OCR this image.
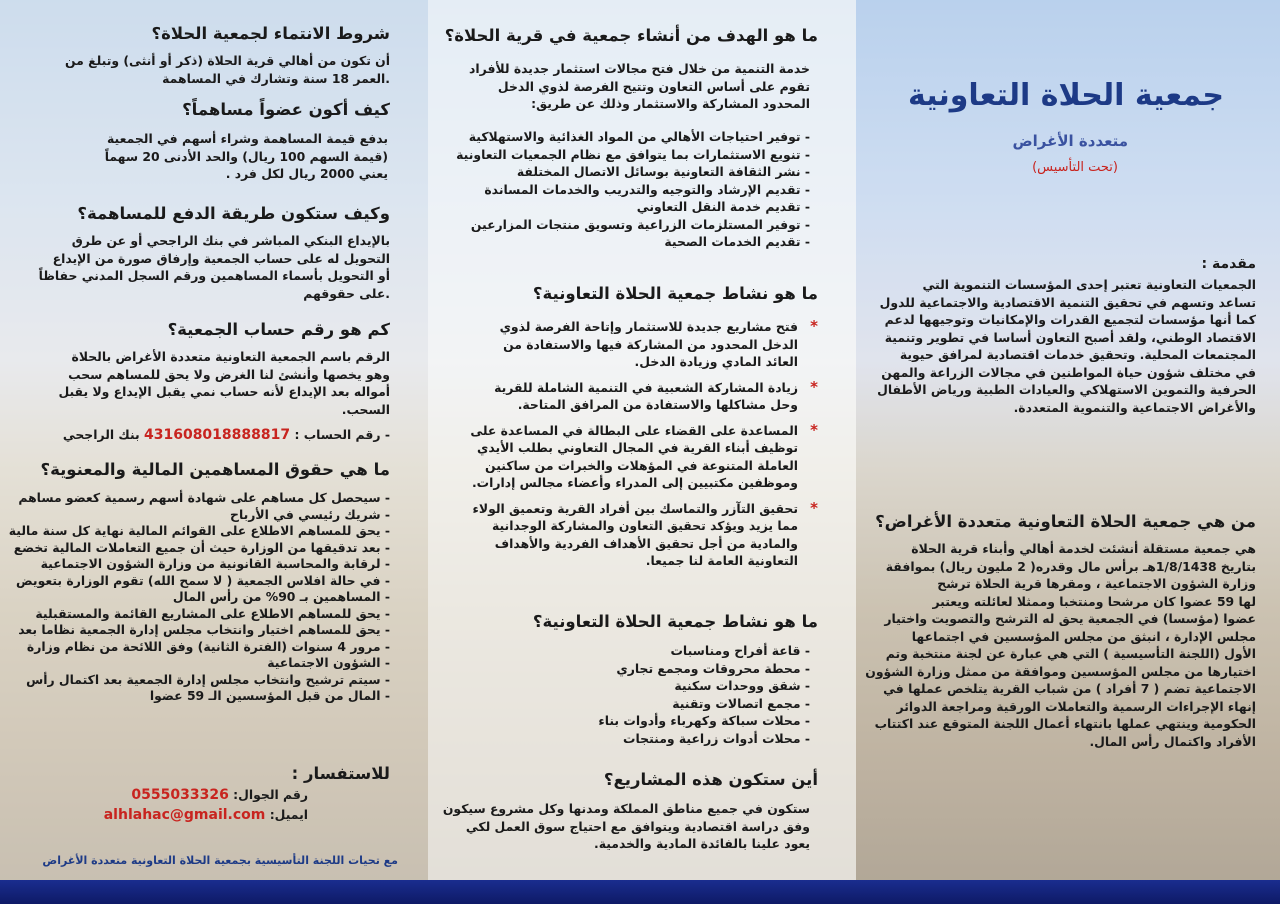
جمعية الحلاة التعاونية
متعددة الأغراض
(تحت التأسيس)
مقدمة :

الجمعيات التعاونية تعتبر إحدى المؤسسات التنموية التي

تساعد وتسهم في تحقيق التنمية الاقتصادية والاجتماعية للدول

كما أنها مؤسسات لتجميع القدرات والإمكانيات وتوجيهها لدعم

الاقتصاد الوطني، ولقد أصبح التعاون أساسا في تطوير وتنمية

المجتمعات المحلية. وتحقيق خدمات اقتصادية لمرافق حيوية

في مختلف شؤون حياة المواطنين في مجالات الزراعة والمهن

الحرفية والتموين الاستهلاكي والعيادات الطبية ورياض الأطفال

والأغراض الاجتماعية والتنموية المتعددة.

من هي جمعية الحلاة التعاونية متعددة الأغراض؟

هي جمعية مستقلة أنشئت لخدمة أهالي وأبناء قرية الحلاة

بتاريخ 1/8/1438هـ برأس مال وقدره( 2 مليون ريال) بموافقة

وزارة الشؤون الاجتماعية ، ومقرها قرية الحلاة ترشح

لها 59 عضوا كان مرشحا ومنتخبا وممثلا لعائلته ويعتبر

عضوا (مؤسسا) في الجمعية يحق له الترشح والتصويت واختيار

مجلس الإدارة ، انبثق من مجلس المؤسسين في اجتماعها

الأول (اللجنة التأسيسية ) التي هي عبارة عن لجنة منتخبة وتم

اختيارها من مجلس المؤسسين وموافقة من ممثل وزارة الشؤون

الاجتماعية تضم ( 7 أفراد ) من شباب القرية يتلخص عملها في

إنهاء الإجراءات الرسمية والتعاملات الورقية ومراجعة الدوائر

الحكومية وينتهي عملها بانتهاء أعمال اللجنة المتوقع عند اكتتاب

الأفراد واكتمال رأس المال.

ما هو الهدف من أنشاء جمعية في قرية الحلاة؟

خدمة التنمية من خلال فتح مجالات استثمار جديدة للأفراد

تقوم على أساس التعاون وتتيح الفرصة لذوي الدخل

المحدود المشاركة والاستثمار وذلك عن طريق:

- توفير احتياجات الأهالي من المواد الغذائية والاستهلاكية
- تنويع الاستثمارات بما يتوافق مع نظام الجمعيات التعاونية
- نشر الثقافة التعاونية بوسائل الاتصال المختلفة
- تقديم الإرشاد والتوجيه والتدريب والخدمات المساندة
- تقديم خدمة النقل التعاوني
- توفير المستلزمات الزراعية وتسويق منتجات المزارعين
- تقديم الخدمات الصحية
ما هو نشاط جمعية الحلاة التعاونية؟
* فتح مشاريع جديدة للاستثمار وإتاحة الفرصة لذوي الدخل المحدود من المشاركة فيها والاستفادة من العائد المادي وزيادة الدخل.
* زيادة المشاركة الشعبية في التنمية الشاملة للقرية وحل مشاكلها والاستفادة من المرافق المتاحة.
* المساعدة على القضاء على البطالة في المساعدة على توظيف أبناء القرية في المجال التعاوني بطلب الأيدي العاملة المتنوعة في المؤهلات والخبرات من ساكنين وموظفين مكتبيين إلى المدراء وأعضاء مجالس إدارات.
* تحقيق التآزر والتماسك بين أفراد القرية وتعميق الولاء مما يزيد ويؤكد تحقيق التعاون والمشاركة الوجدانية والمادية من أجل تحقيق الأهداف الفردية والأهداف التعاونية العامة لنا جميعا.
ما هو نشاط جمعية الحلاة التعاونية؟
- قاعة أفراح ومناسبات
- محطة محروقات ومجمع تجاري
- شقق ووحدات سكنية
- مجمع اتصالات وتقنية
- محلات سباكة وكهرباء وأدوات بناء
- محلات أدوات زراعية ومنتجات
أين ستكون هذه المشاريع؟

ستكون في جميع مناطق المملكة ومدنها وكل مشروع سيكون

وفق دراسة اقتصادية ويتوافق مع احتياج سوق العمل لكي

يعود علينا بالفائدة المادية والخدمية.

شروط الانتماء لجمعية الحلاة؟

أن تكون من أهالي قرية الحلاة (ذكر أو أنثى) وتبلغ من

.العمر 18 سنة وتشارك في المساهمة

كيف أكون عضواً مساهماً؟

بدفع قيمة المساهمة وشراء أسهم في الجمعية

(قيمة السهم 100 ريال) والحد الأدنى 20 سهماً

يعني 2000 ريال لكل فرد .

وكيف ستكون طريقة الدفع للمساهمة؟

بالإيداع البنكي المباشر في بنك الراجحي أو عن طرق

التحويل له على حساب الجمعية وإرفاق صورة من الإيداع

أو التحويل بأسماء المساهمين ورقم السجل المدني حفاظاً

.على حقوقهم

كم هو رقم حساب الجمعية؟

الرقم باسم الجمعية التعاونية متعددة الأغراض بالحلاة

وهو يخصها وأنشئ لنا الغرض ولا يحق للمساهم سحب

أمواله بعد الإيداع لأنه حساب نمي يقبل الإيداع ولا يقبل

السحب.

- رقم الحساب : 431608018888817 بنك الراجحي
ما هي حقوق المساهمين المالية والمعنوية؟
- سيحصل كل مساهم على شهادة أسهم رسمية كعضو مساهم
- شريك رئيسي في الأرباح
- يحق للمساهم الاطلاع على القوائم المالية نهاية كل سنة مالية
- بعد تدقيقها من الوزارة حيث أن جميع التعاملات المالية تخضع
- لرقابة والمحاسبة القانونية من وزارة الشؤون الاجتماعية
- في حالة افلاس الجمعية ( لا سمح الله) تقوم الوزارة بتعويض
- المساهمين بـ 90% من رأس المال
- يحق للمساهم الاطلاع على المشاريع القائمة والمستقبلية
- يحق للمساهم اختيار وانتخاب مجلس إدارة الجمعية نظاما بعد
- مرور 4 سنوات (الفترة الثانية) وفق اللائحة من نظام وزارة
- الشؤون الاجتماعية
- سيتم ترشيح وانتخاب مجلس إدارة الجمعية بعد اكتمال رأس
- المال من قبل المؤسسين الـ 59 عضوا
للاستفسار :
رقم الجوال: 0555033326
ايميل: alhlahac@gmail.com
مع تحيات اللجنة التأسيسية بجمعية الحلاة التعاونية متعددة الأغراض
